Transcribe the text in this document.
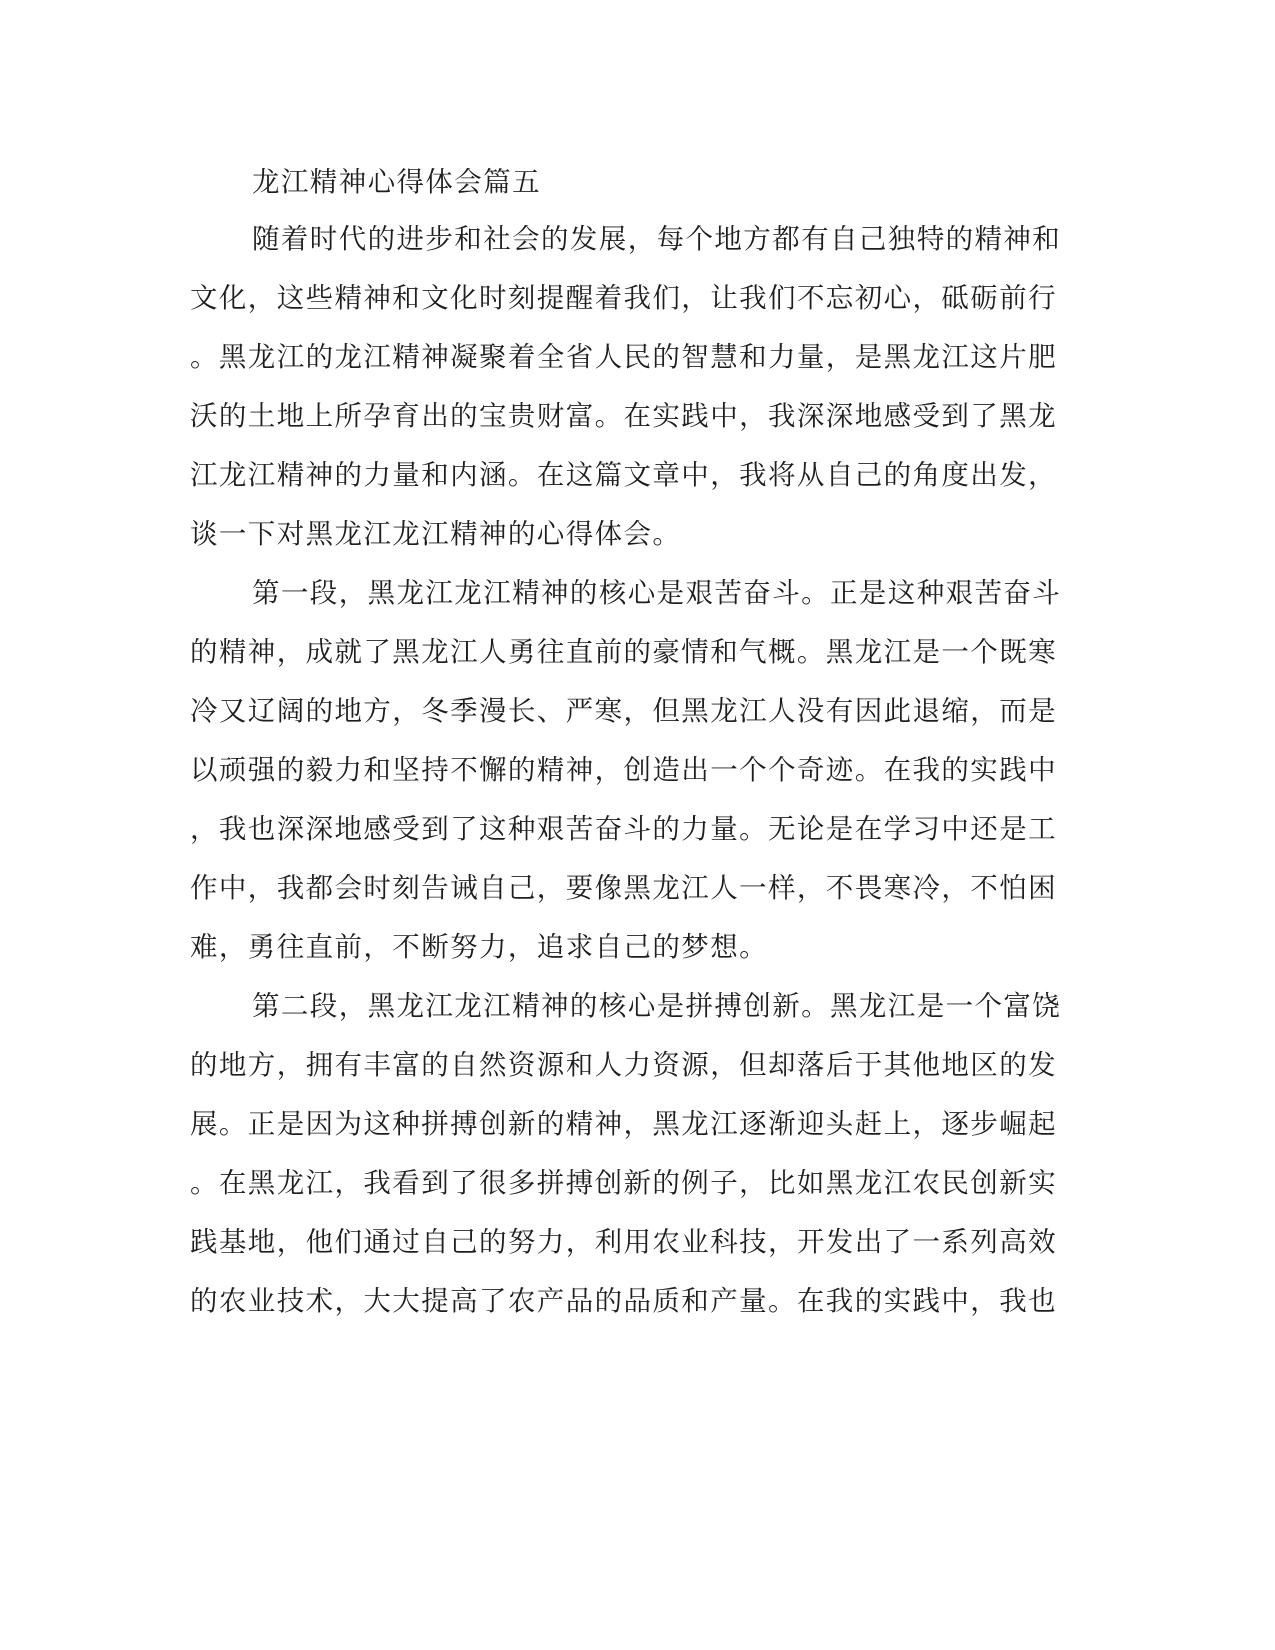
龙江精神心得体会篇五
随着时代的进步和社会的发展，每个地方都有自己独特的精神和
文化，这些精神和文化时刻提醒着我们，让我们不忘初心，砥砺前行
。黑龙江的龙江精神凝聚着全省人民的智慧和力量，是黑龙江这片肥
沃的土地上所孕育出的宝贵财富。在实践中，我深深地感受到了黑龙
江龙江精神的力量和内涵。在这篇文章中，我将从自己的角度出发，
谈一下对黑龙江龙江精神的心得体会。
第一段，黑龙江龙江精神的核心是艰苦奋斗。正是这种艰苦奋斗
的精神，成就了黑龙江人勇往直前的豪情和气概。黑龙江是一个既寒
冷又辽阔的地方，冬季漫长、严寒，但黑龙江人没有因此退缩，而是
以顽强的毅力和坚持不懈的精神，创造出一个个奇迹。在我的实践中
，我也深深地感受到了这种艰苦奋斗的力量。无论是在学习中还是工
作中，我都会时刻告诫自己，要像黑龙江人一样，不畏寒冷，不怕困
难，勇往直前，不断努力，追求自己的梦想。
第二段，黑龙江龙江精神的核心是拼搏创新。黑龙江是一个富饶
的地方，拥有丰富的自然资源和人力资源，但却落后于其他地区的发
展。正是因为这种拼搏创新的精神，黑龙江逐渐迎头赶上，逐步崛起
。在黑龙江，我看到了很多拼搏创新的例子，比如黑龙江农民创新实
践基地，他们通过自己的努力，利用农业科技，开发出了一系列高效
的农业技术，大大提高了农产品的品质和产量。在我的实践中，我也
